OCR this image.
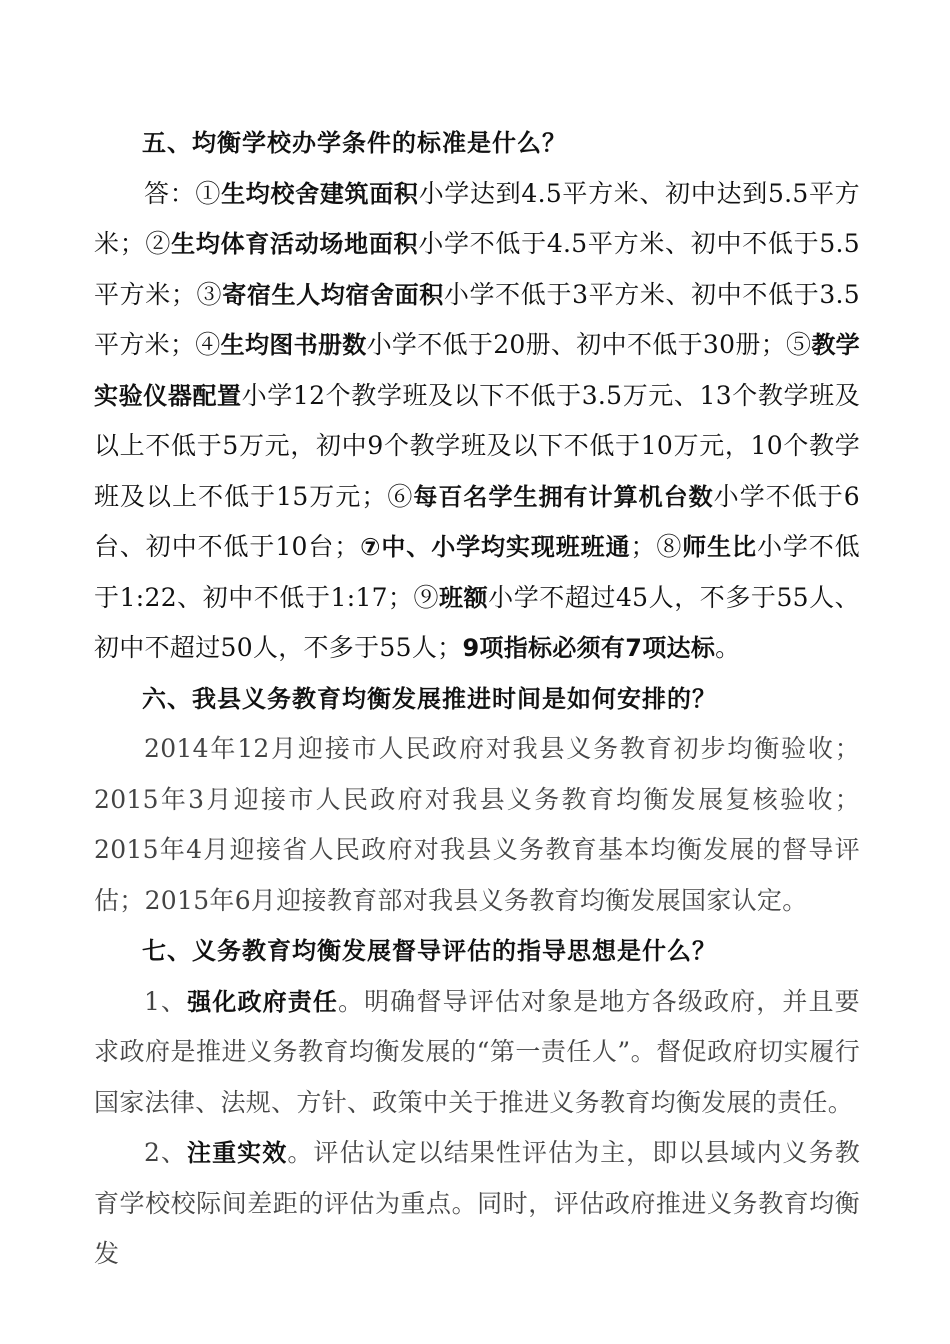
五、均衡学校办学条件的标准是什么？

答：①生均校舍建筑面积小学达到4.5平方米、初中达到5.5平方米；②生均体育活动场地面积小学不低于4.5平方米、初中不低于5.5平方米；③寄宿生人均宿舍面积小学不低于3平方米、初中不低于3.5平方米；④生均图书册数小学不低于20册、初中不低于30册；⑤教学实验仪器配置小学12个教学班及以下不低于3.5万元、13个教学班及以上不低于5万元，初中9个教学班及以下不低于10万元，10个教学班及以上不低于15万元；⑥每百名学生拥有计算机台数小学不低于6台、初中不低于10台；⑦中、小学均实现班班通；⑧师生比小学不低于1:22、初中不低于1:17；⑨班额小学不超过45人，不多于55人、初中不超过50人，不多于55人；9项指标必须有7项达标。

六、我县义务教育均衡发展推进时间是如何安排的？

2014年12月迎接市人民政府对我县义务教育初步均衡验收；2015年3月迎接市人民政府对我县义务教育均衡发展复核验收；2015年4月迎接省人民政府对我县义务教育基本均衡发展的督导评估；2015年6月迎接教育部对我县义务教育均衡发展国家认定。

七、义务教育均衡发展督导评估的指导思想是什么？

1、强化政府责任。明确督导评估对象是地方各级政府，并且要求政府是推进义务教育均衡发展的“第一责任人”。督促政府切实履行国家法律、法规、方针、政策中关于推进义务教育均衡发展的责任。

2、注重实效。评估认定以结果性评估为主，即以县域内义务教育学校校际间差距的评估为重点。同时，评估政府推进义务教育均衡发
